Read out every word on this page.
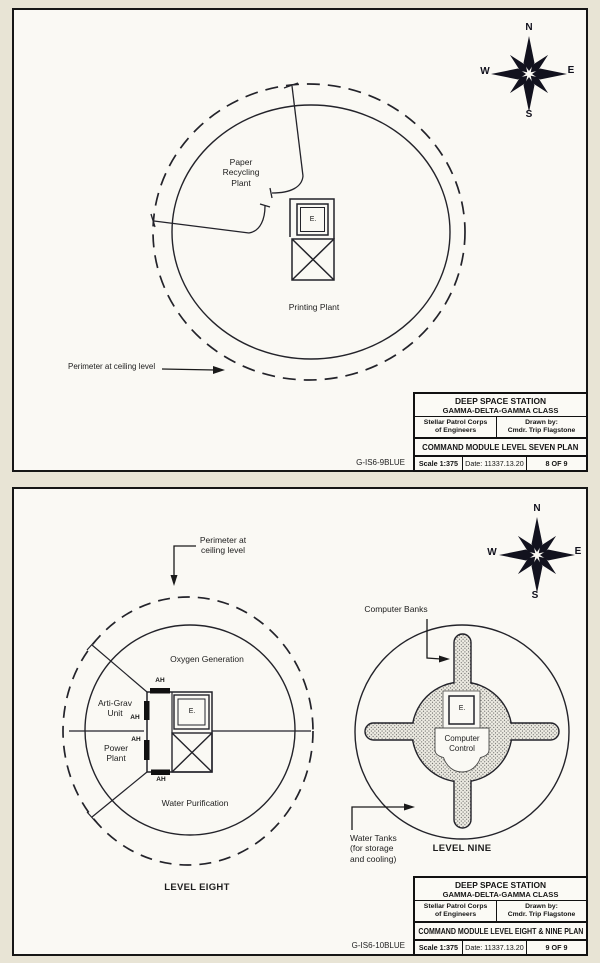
N
E
S
W
Paper
Recycling
Plant
E.
Printing Plant
Perimeter at ceiling level
G-IS6-9BLUE
DEEP SPACE STATION
GAMMA-DELTA-GAMMA CLASS
Stellar Patrol Corps
of Engineers
Drawn by:
Cmdr. Trip Flagstone
COMMAND MODULE LEVEL SEVEN PLAN
Scale 1:375 Date: 11337.13.20	8 OF 9
N
E
S
W
Perimeter at
ceiling level
Oxygen Generation
Arti-Grav
Unit
Power
Plant
Water Purification
AH
AH
AH
AH
E.
LEVEL EIGHT
Computer Banks
E.
Computer
Control
Water Tanks
(for storage
and cooling)
LEVEL NINE
G-IS6-10BLUE
DEEP SPACE STATION
GAMMA-DELTA-GAMMA CLASS
Stellar Patrol Corps
of Engineers
Drawn by:
Cmdr. Trip Flagstone
COMMAND MODULE LEVEL EIGHT & NINE PLAN
Scale 1:375 Date: 11337.13.20	9 OF 9
